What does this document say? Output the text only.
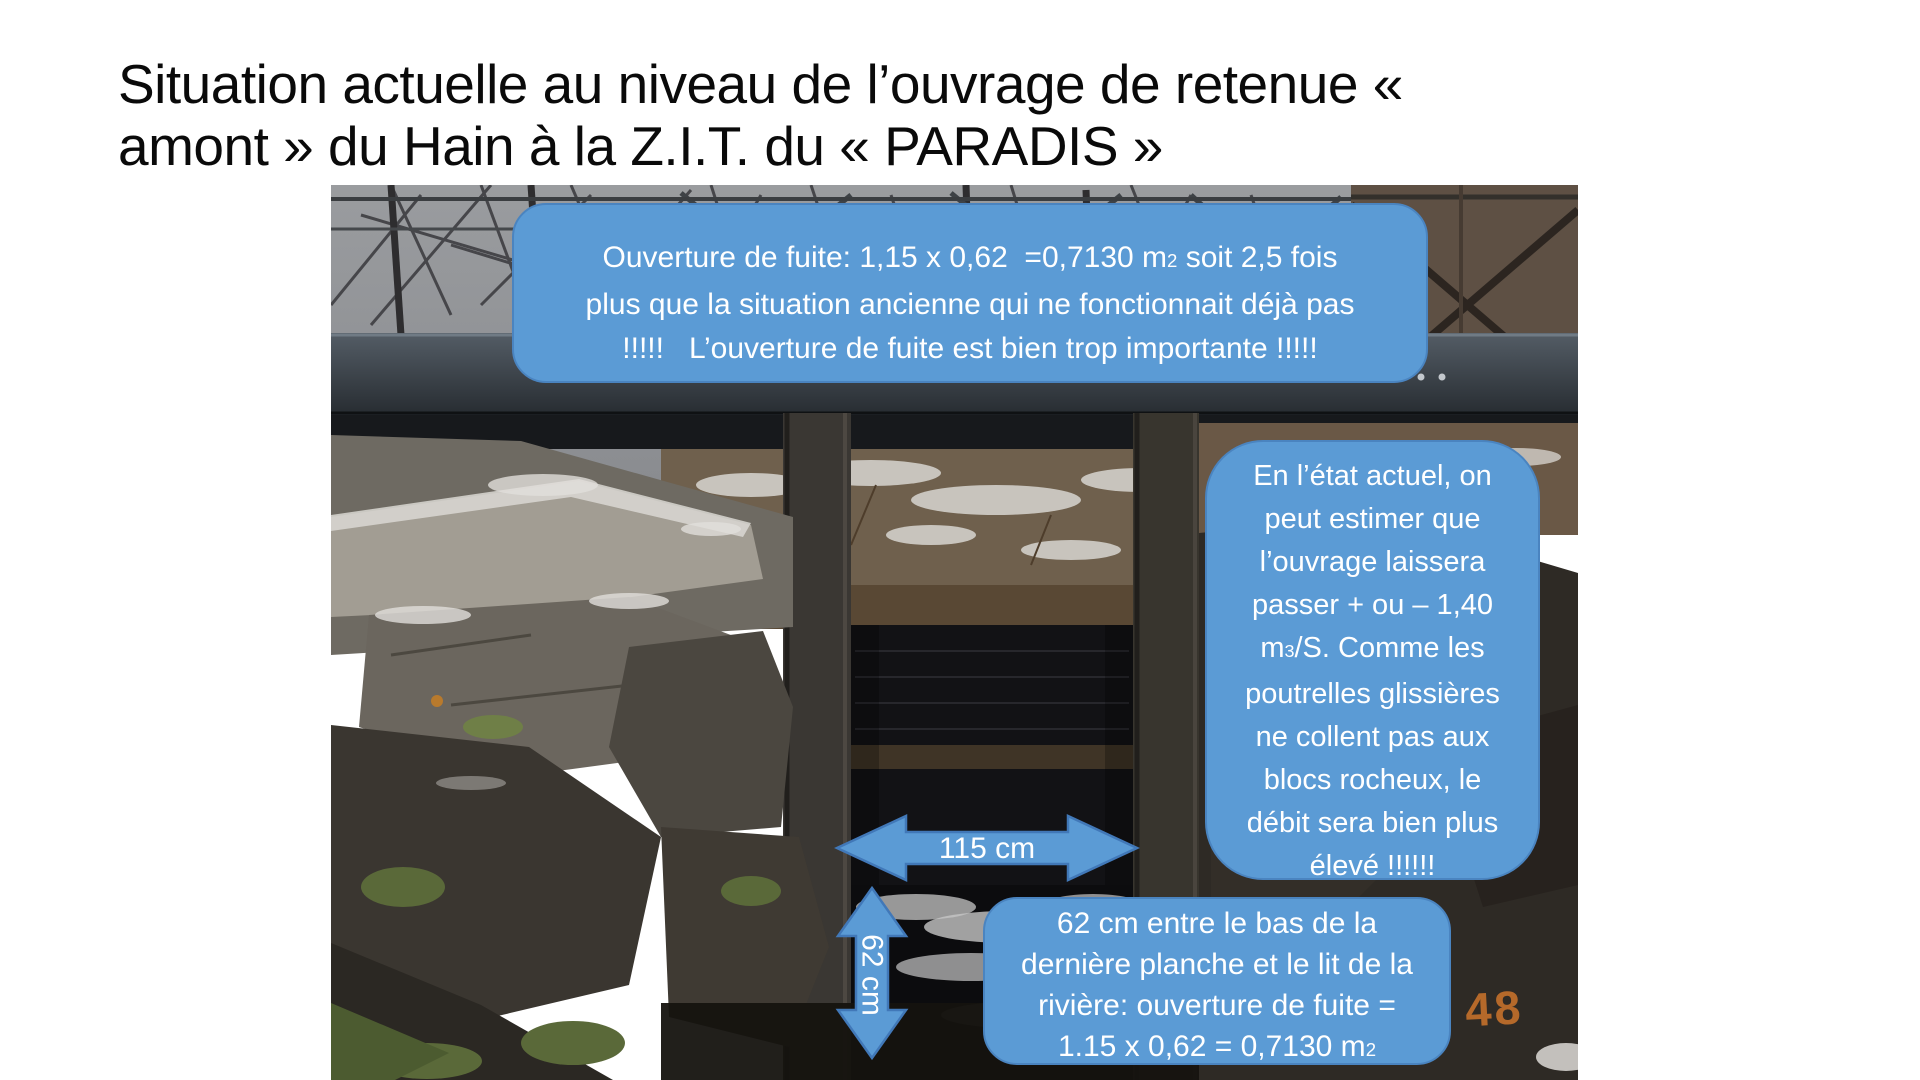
Situation actuelle au niveau de l’ouvrage de retenue «
amont » du Hain à la Z.I.T. du « PARADIS »
48
115 cm
62 cm
Ouverture de fuite: 1,15 x 0,62  =0,7130 m2 soit 2,5 fois
plus que la situation ancienne qui ne fonctionnait déjà pas
!!!!!   L’ouverture de fuite est bien trop importante !!!!!
En l’état actuel, on
peut estimer que
l’ouvrage laissera
passer + ou – 1,40
m3/S. Comme les
poutrelles glissières
ne collent pas aux
blocs rocheux, le
débit sera bien plus
élevé !!!!!!
62 cm entre le bas de la
dernière planche et le lit de la
rivière: ouverture de fuite =
1.15 x 0,62 = 0,7130 m2
